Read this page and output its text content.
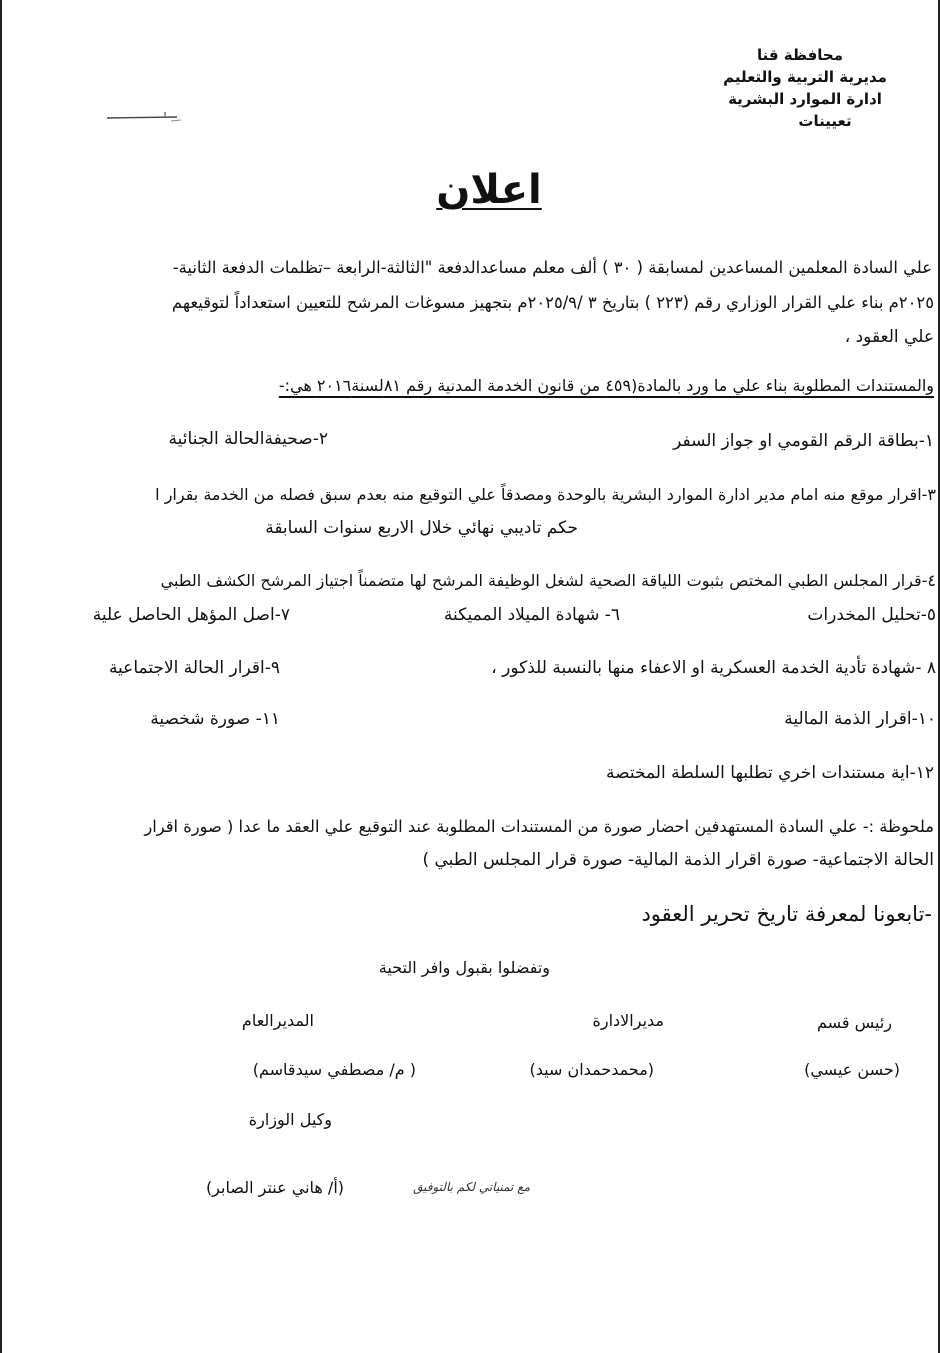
محافظة قنا
مديرية التربية والتعليم
ادارة الموارد البشرية
تعيينات
اعلان
علي السادة المعلمين المساعدين لمسابقة ( ٣٠ ) ألف معلم مساعدالدفعة "الثالثة-الرابعة –تظلمات الدفعة الثانية-
٢٠٢٥م بناء علي القرار الوزاري رقم (٢٢٣ ) بتاريخ ٣ /٢٠٢٥/٩م بتجهيز مسوغات المرشح للتعيين استعداداً لتوقيعهم
علي العقود ،
والمستندات المطلوبة بناء علي ما ورد بالمادة(٤٥٩ من قانون الخدمة المدنية رقم ٨١لسنة٢٠١٦ هي:-
١-بطاقة الرقم القومي او جواز السفر
٢-صحيفةالحالة الجنائية
٣-اقرار موقع منه امام مدير ادارة الموارد البشرية بالوحدة ومصدقاً علي التوقيع منه بعدم سبق فصله من الخدمة بقرار ا
حكم تاديبي نهائي خلال الاربع سنوات السابقة
٤-قرار المجلس الطبي المختص بثبوت اللياقة الصحية لشغل الوظيفة المرشح لها متضمناً اجتياز المرشح الكشف الطبي
٥-تحليل المخدرات
٦- شهادة الميلاد المميكنة
٧-اصل المؤهل الحاصل علية
٨ -شهادة تأدية الخدمة العسكرية او الاعفاء منها بالنسبة للذكور ،
٩-اقرار الحالة الاجتماعية
١٠-اقرار الذمة المالية
١١- صورة شخصية
١٢-اية مستندات اخري تطلبها السلطة المختصة
ملحوظة :- علي السادة المستهدفين احضار صورة من المستندات المطلوبة عند التوقيع علي العقد ما عدا ( صورة اقرار
الحالة الاجتماعية- صورة اقرار الذمة المالية- صورة قرار المجلس الطبي )
-تابعونا لمعرفة تاريخ تحرير العقود
وتفضلوا بقبول وافر التحية
رئيس قسم
مديرالادارة
المديرالعام
(حسن عيسي)
(محمدحمدان سيد)
( م/ مصطفي سيدقاسم)
وكيل الوزارة
(أ/ هاني عنتر الصابر)	مع تمنياتي لكم بالتوفيق
